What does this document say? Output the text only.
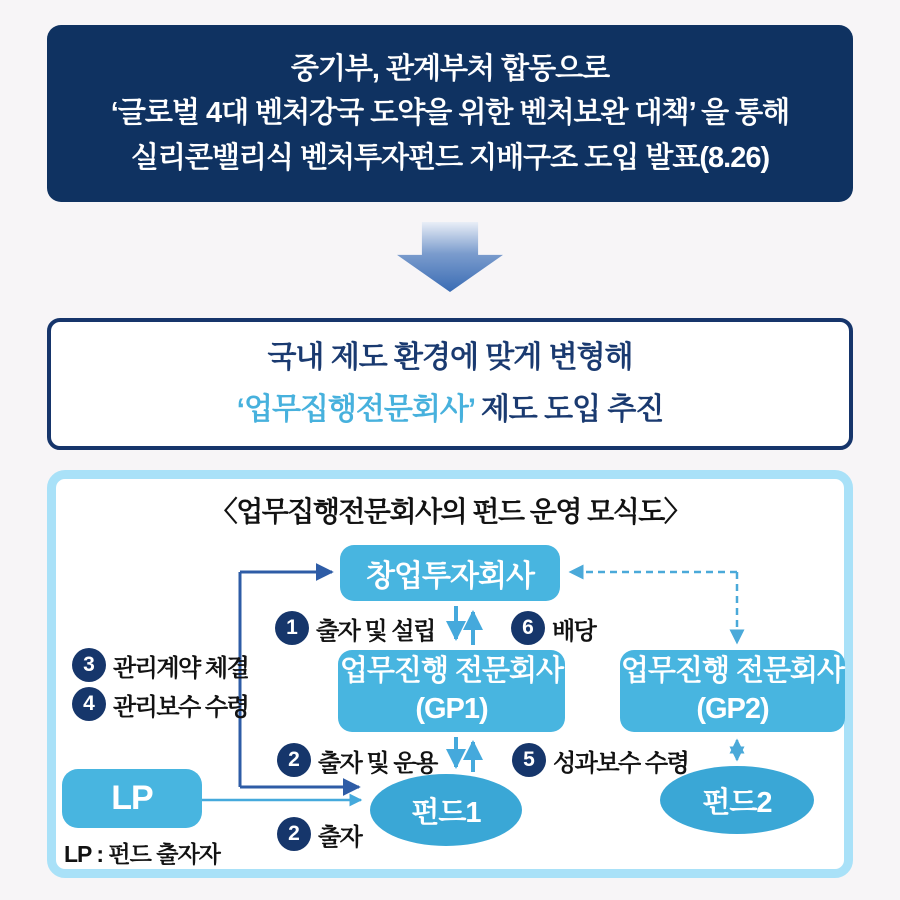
중기부, 관계부처 합동으로
‘글로벌 4대 벤처강국 도약을 위한 벤처보완 대책’ 을 통해
실리콘밸리식 벤처투자펀드 지배구조 도입 발표(8.26)
국내 제도 환경에 맞게 변형해
‘업무집행전문회사’ 제도 도입 추진
〈업무집행전문회사의 펀드 운영 모식도〉
창업투자회사
업무진행 전문회사
(GP1)
업무진행 전문회사
(GP2)
펀드1	펀드2
LP
LP : 펀드 출자자
1 출자 및 설립	6 배당
3 관리계약 체결
4 관리보수 수령
2 출자 및 운용	5 성과보수 수령
2 출자
